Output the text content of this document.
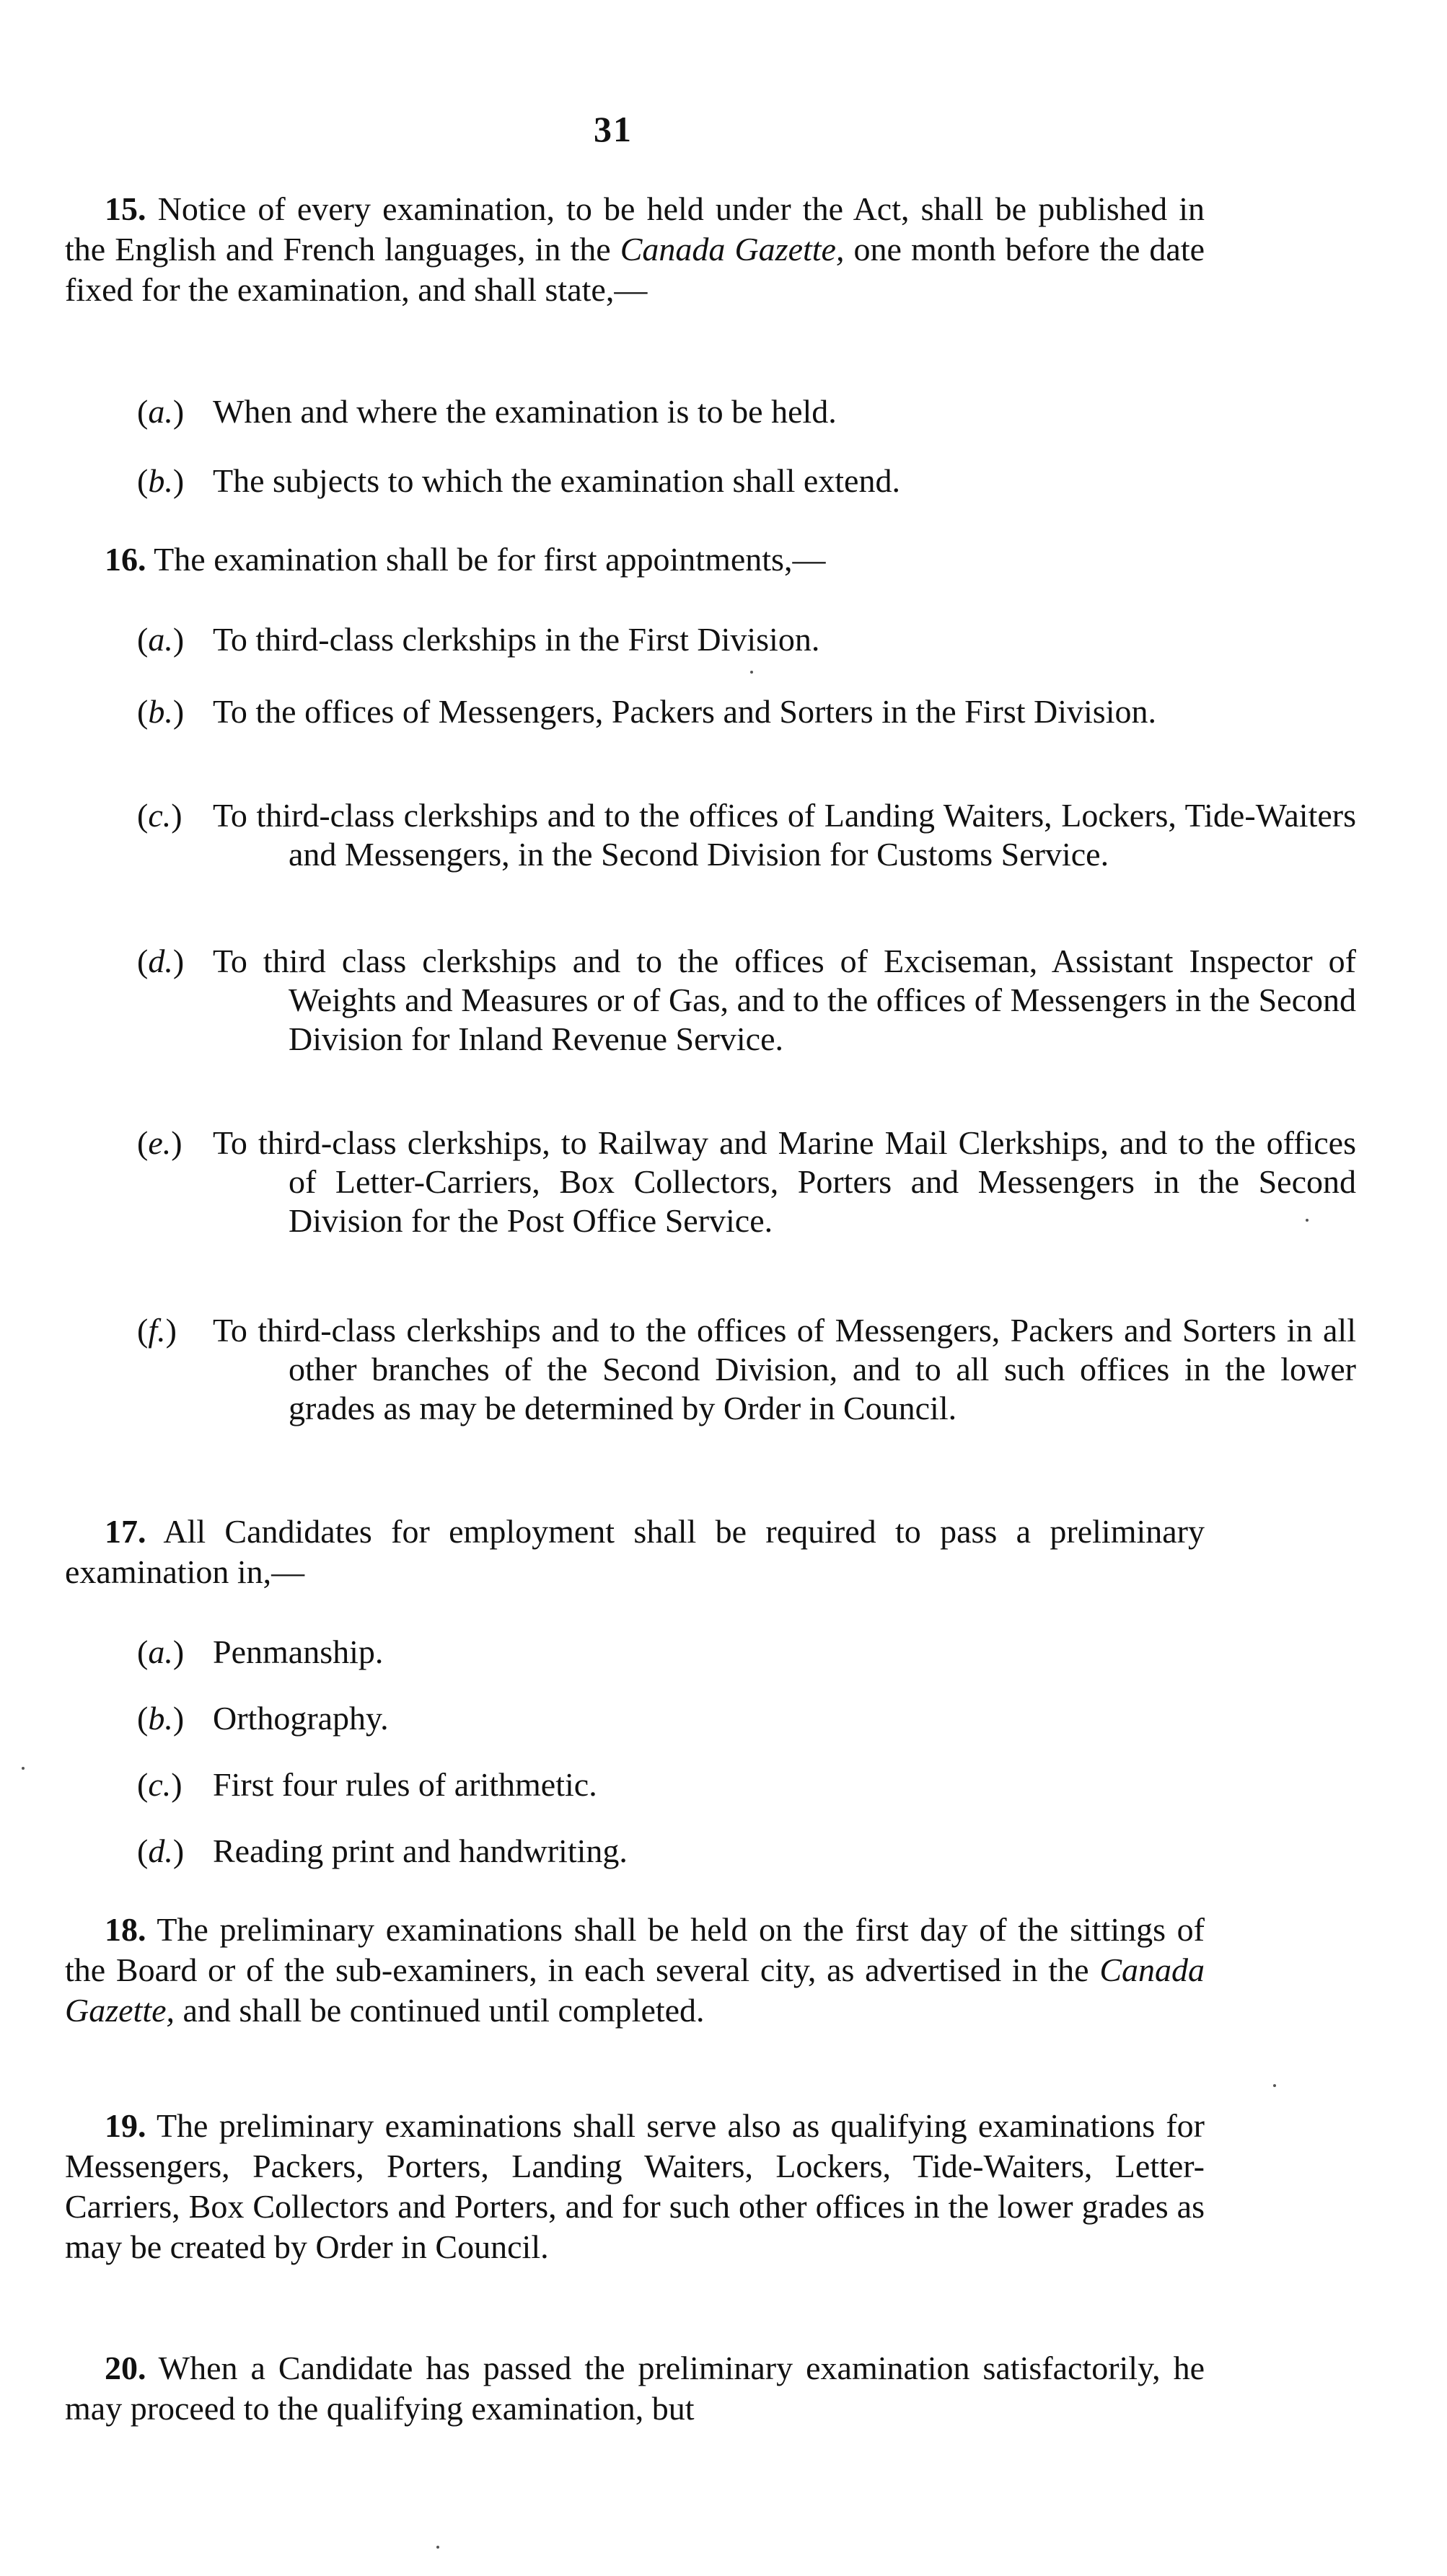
31

15. Notice of every examination, to be held under the Act, shall be published in the English and French languages, in the Canada Gazette, one month before the date fixed for the examination, and shall state,—

(a.) When and where the examination is to be held.
(b.) The subjects to which the examination shall extend.

16. The examination shall be for first appointments,—

(a.) To third-class clerkships in the First Division.
(b.) To the offices of Messengers, Packers and Sorters in the First Division.
(c.) To third-class clerkships and to the offices of Landing Waiters, Lockers, Tide-Waiters and Messengers, in the Second Division for Customs Service.
(d.) To third class clerkships and to the offices of Exciseman, Assistant Inspector of Weights and Measures or of Gas, and to the offices of Messengers in the Second Division for Inland Revenue Service.
(e.) To third-class clerkships, to Railway and Marine Mail Clerkships, and to the offices of Letter-Carriers, Box Collectors, Porters and Messengers in the Second Division for the Post Office Service.
(f.) To third-class clerkships and to the offices of Messengers, Packers and Sorters in all other branches of the Second Division, and to all such offices in the lower grades as may be determined by Order in Council.

17. All Candidates for employment shall be required to pass a preliminary examination in,—

(a.) Penmanship.
(b.) Orthography.
(c.) First four rules of arithmetic.
(d.) Reading print and handwriting.

18. The preliminary examinations shall be held on the first day of the sittings of the Board or of the sub-examiners, in each several city, as advertised in the Canada Gazette, and shall be continued until completed.

19. The preliminary examinations shall serve also as qualifying examinations for Messengers, Packers, Porters, Landing Waiters, Lockers, Tide-Waiters, Letter-Carriers, Box Collectors and Porters, and for such other offices in the lower grades as may be created by Order in Council.

20. When a Candidate has passed the preliminary examination satisfactorily, he may proceed to the qualifying examination, but
